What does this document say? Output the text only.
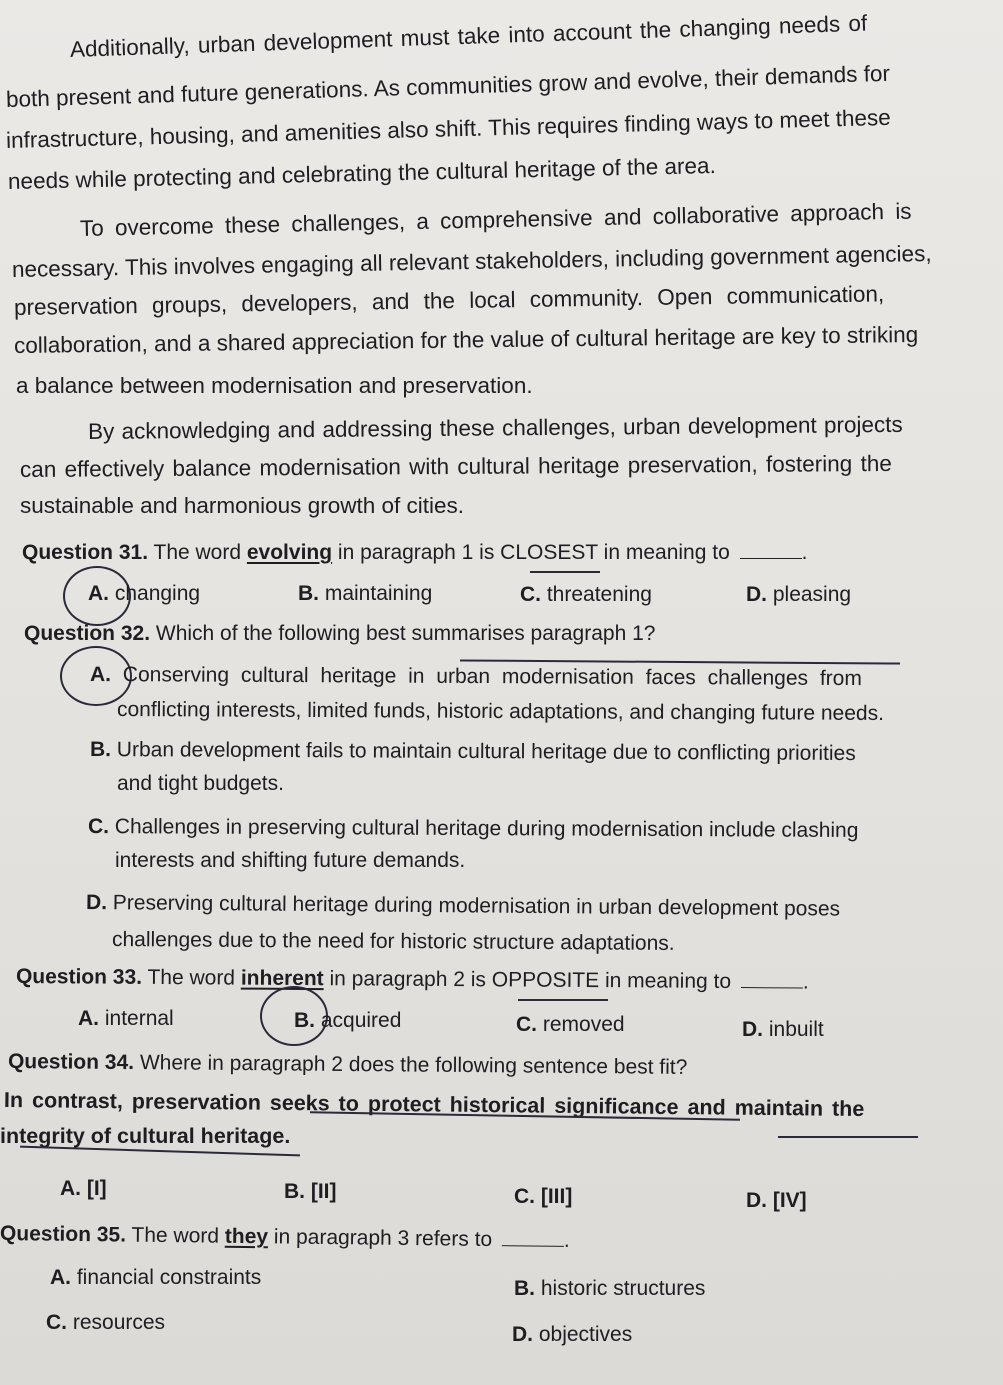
Additionally, urban development must take into account the changing needs of
both present and future generations. As communities grow and evolve, their demands for
infrastructure, housing, and amenities also shift. This requires finding ways to meet these
needs while protecting and celebrating the cultural heritage of the area.
To overcome these challenges, a comprehensive and collaborative approach is
necessary. This involves engaging all relevant stakeholders, including government agencies,
preservation groups, developers, and the local community. Open communication,
collaboration, and a shared appreciation for the value of cultural heritage are key to striking
a balance between modernisation and preservation.
By acknowledging and addressing these challenges, urban development projects
can effectively balance modernisation with cultural heritage preservation, fostering the
sustainable and harmonious growth of cities.
Question 31. The word evolving in paragraph 1 is CLOSEST in meaning to	.
A. changing	B. maintaining	C. threatening	D. pleasing
Question 32. Which of the following best summarises paragraph 1?
A. Conserving cultural heritage in urban modernisation faces challenges from
conflicting interests, limited funds, historic adaptations, and changing future needs.
B. Urban development fails to maintain cultural heritage due to conflicting priorities
and tight budgets.
C. Challenges in preserving cultural heritage during modernisation include clashing
interests and shifting future demands.
D. Preserving cultural heritage during modernisation in urban development poses
challenges due to the need for historic structure adaptations.
Question 33. The word inherent in paragraph 2 is OPPOSITE in meaning to	.
A. internal	B. acquired	C. removed	D. inbuilt
Question 34. Where in paragraph 2 does the following sentence best fit?
In contrast, preservation seeks to protect historical significance and maintain the
integrity of cultural heritage.
A. [I]	B. [II]	C. [III]	D. [IV]
Question 35. The word they in paragraph 3 refers to	.
A. financial constraints	B. historic structures
C. resources
D. objectives
